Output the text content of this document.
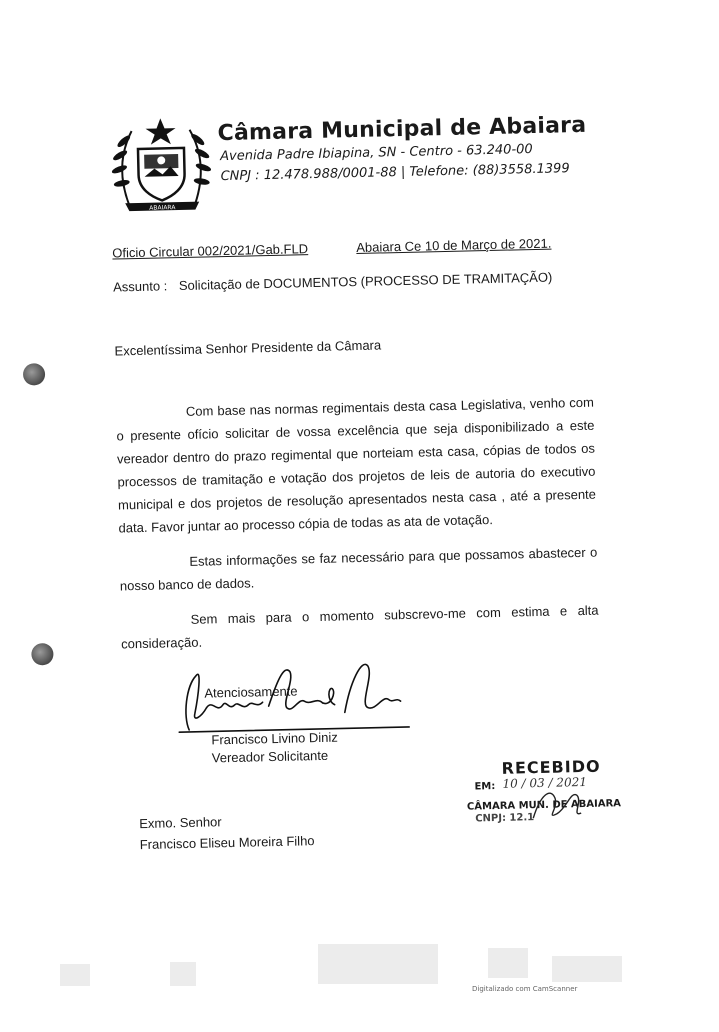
ABAIARA
Câmara Municipal de Abaiara
Avenida Padre Ibiapina, SN - Centro - 63.240-00
CNPJ : 12.478.988/0001-88 | Telefone: (88)3558.1399
Oficio Circular 002/2021/Gab.FLD	Abaiara Ce 10 de Março de 2021.
Assunto : Solicitação de DOCUMENTOS (PROCESSO DE TRAMITAÇÃO)
Excelentíssima Senhor Presidente da Câmara

Com base nas normas regimentais desta casa Legislativa, venho com o presente ofício solicitar de vossa excelência que seja disponibilizado a este vereador dentro do prazo regimental que norteiam esta casa, cópias de todos os processos de tramitação e votação dos projetos de leis de autoria do executivo municipal e dos projetos de resolução apresentados nesta casa , até a presente data. Favor juntar ao processo cópia de todas as ata de votação.

Estas informações se faz necessário para que possamos abastecer o nosso banco de dados.

Sem mais para o momento subscrevo-me com estima e alta consideração.

Atenciosamente
Francisco Livino Diniz
Vereador Solicitante
RECEBIDO
EM: 10 / 03 / 2021
CÂMARA MUN. DE ABAIARA
CNPJ: 12.1
Exmo. Senhor
Francisco Eliseu Moreira Filho
Digitalizado com CamScanner
